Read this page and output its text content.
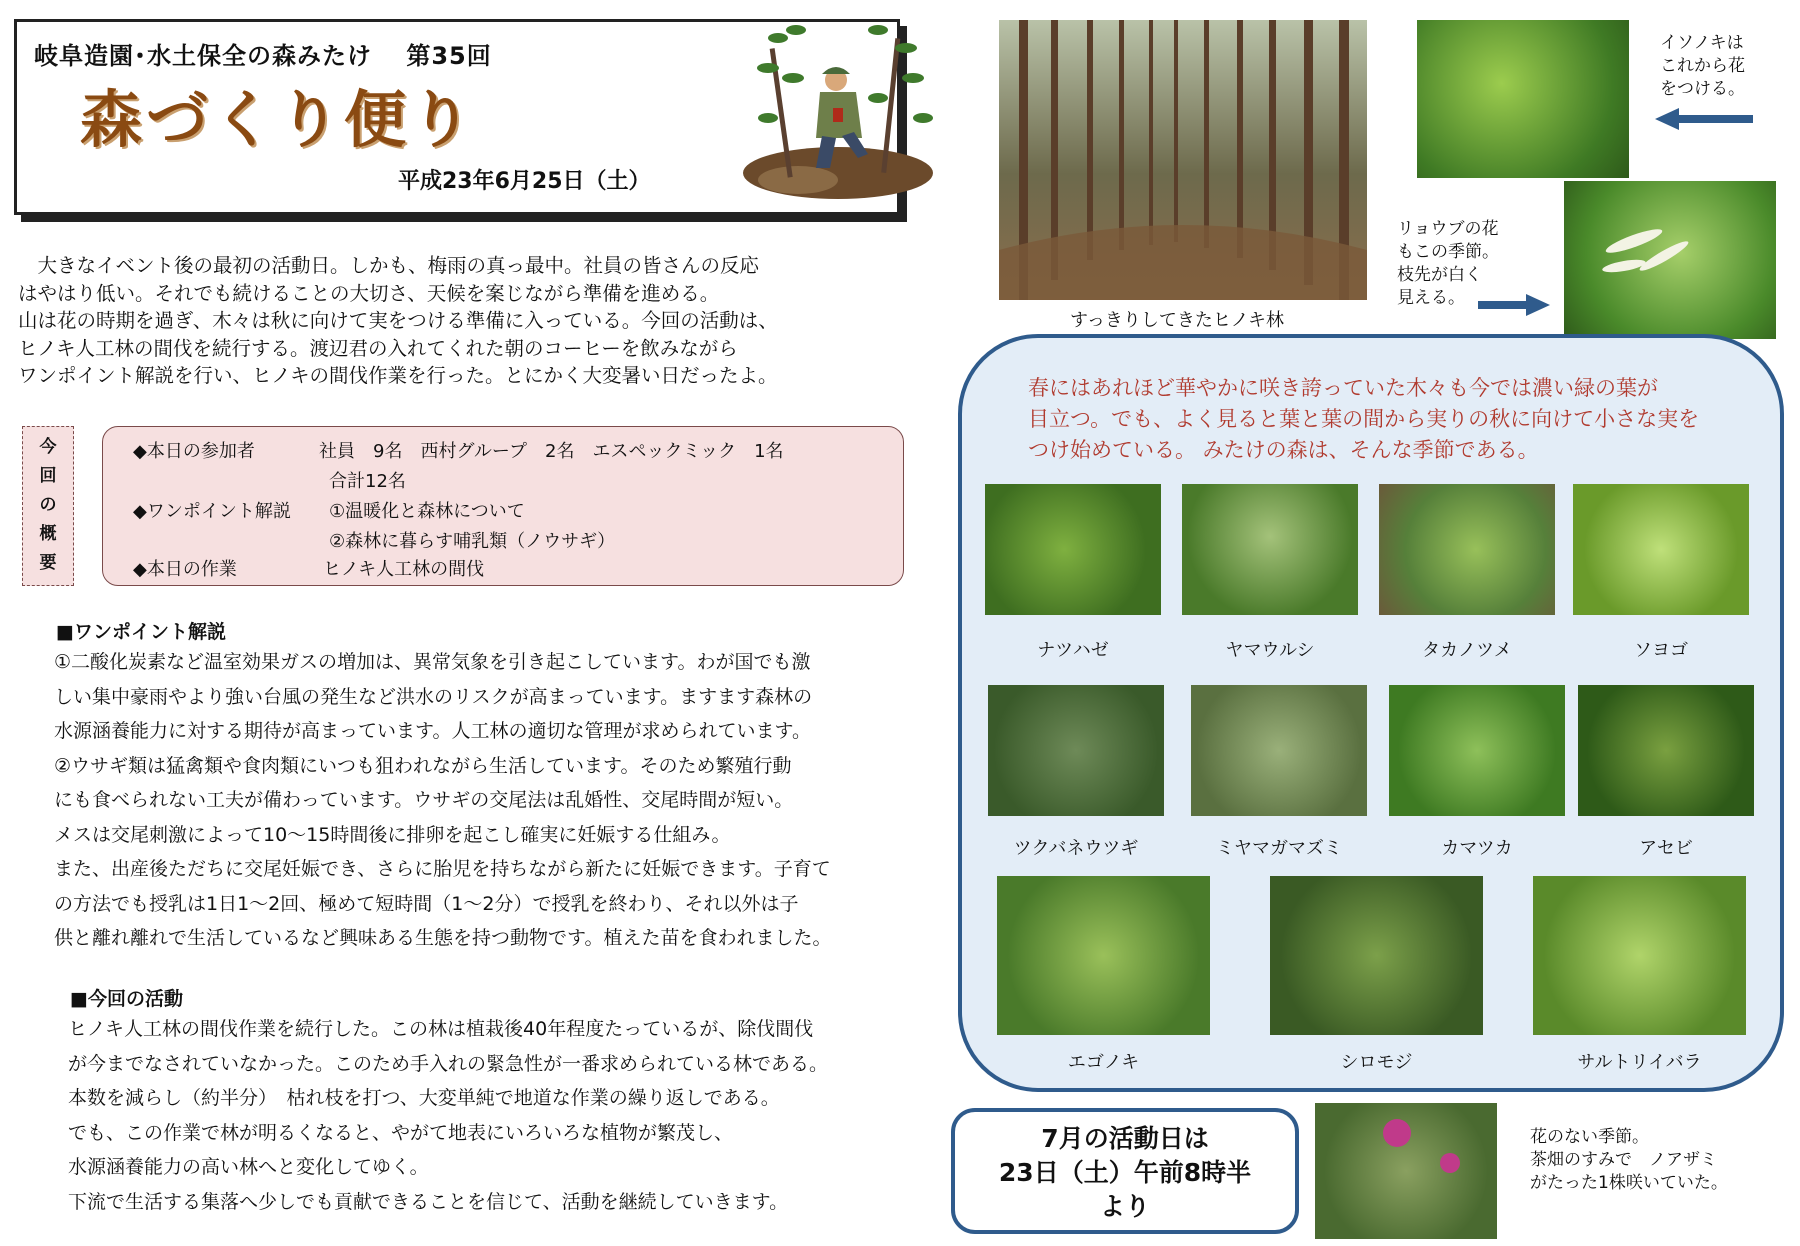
岐阜造園･水土保全の森みたけ　 第35回
森づくり便り
平成23年6月25日（土）

　大きなイベント後の最初の活動日。しかも、梅雨の真っ最中。社員の皆さんの反応

はやはり低い。それでも続けることの大切さ、天候を案じながら準備を進める。

山は花の時期を過ぎ、木々は秋に向けて実をつける準備に入っている。今回の活動は、

ヒノキ人工林の間伐を続行する。渡辺君の入れてくれた朝のコーヒーを飲みながら

ワンポイント解説を行い、ヒノキの間伐作業を行った。とにかく大変暑い日だったよ。

今
回
の
概
要
◆本日の参加者	社員　9名　西村グループ　2名　エスペックミック　1名
合計12名
◆ワンポイント解説 ①温暖化と森林について
②森林に暮らす哺乳類（ノウサギ）
◆本日の作業	ヒノキ人工林の間伐
■ワンポイント解説

①二酸化炭素など温室効果ガスの増加は、異常気象を引き起こしています。わが国でも激

しい集中豪雨やより強い台風の発生など洪水のリスクが高まっています。ますます森林の

水源涵養能力に対する期待が高まっています。人工林の適切な管理が求められています。

②ウサギ類は猛禽類や食肉類にいつも狙われながら生活しています。そのため繁殖行動

にも食べられない工夫が備わっています。ウサギの交尾法は乱婚性、交尾時間が短い。

メスは交尾刺激によって10～15時間後に排卵を起こし確実に妊娠する仕組み。

また、出産後ただちに交尾妊娠でき、さらに胎児を持ちながら新たに妊娠できます。子育て

の方法でも授乳は1日1～2回、極めて短時間（1～2分）で授乳を終わり、それ以外は子

供と離れ離れで生活しているなど興味ある生態を持つ動物です。植えた苗を食われました。

■今回の活動

ヒノキ人工林の間伐作業を続行した。この林は植栽後40年程度たっているが、除伐間伐

が今までなされていなかった。このため手入れの緊急性が一番求められている林である。

本数を減らし（約半分）　枯れ枝を打つ、大変単純で地道な作業の繰り返しである。

でも、この作業で林が明るくなると、やがて地表にいろいろな植物が繁茂し、

水源涵養能力の高い林へと変化してゆく。

下流で生活する集落へ少しでも貢献できることを信じて、活動を継続していきます。

すっきりしてきたヒノキ林
イソノキは
これから花
をつける。
リョウブの花
もこの季節。
枝先が白く
見える。

春にはあれほど華やかに咲き誇っていた木々も今では濃い緑の葉が

目立つ。でも、よく見ると葉と葉の間から実りの秋に向けて小さな実を

つけ始めている。 みたけの森は、そんな季節である。

ナツハゼ	ヤマウルシ	タカノツメ	ソヨゴ
ツクバネウツギ	ミヤマガマズミ	カマツカ	アセビ
エゴノキ	シロモジ	サルトリイバラ
7月の活動日は
23日（土）午前8時半
より
花のない季節。
茶畑のすみで　ノアザミ
がたった1株咲いていた。
